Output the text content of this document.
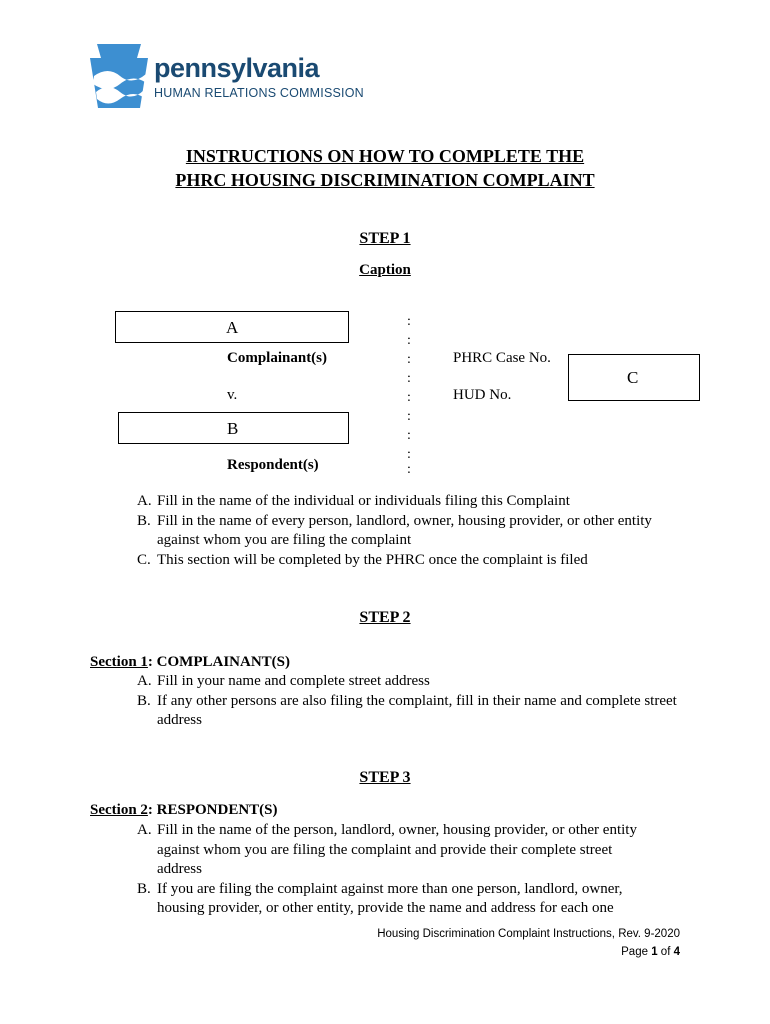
pennsylvania
HUMAN RELATIONS COMMISSION
INSTRUCTIONS ON HOW TO COMPLETE THE
PHRC HOUSING DISCRIMINATION COMPLAINT
STEP 1
Caption
A
Complainant(s)
v.
B
Respondent(s)
:
:
:
:
:
:
:
:
:
PHRC Case No.
HUD No.
C
A. Fill in the name of the individual or individuals filing this Complaint
B. Fill in the name of every person, landlord, owner, housing provider, or other entity against whom you are filing the complaint
C. This section will be completed by the PHRC once the complaint is filed
STEP 2
Section 1: COMPLAINANT(S)
A. Fill in your name and complete street address
B. If any other persons are also filing the complaint, fill in their name and complete street address
STEP 3
Section 2: RESPONDENT(S)
A. Fill in the name of the person, landlord, owner, housing provider, or other entity against whom you are filing the complaint and provide their complete street address
B. If you are filing the complaint against more than one person, landlord, owner, housing provider, or other entity, provide the name and address for each one
Housing Discrimination Complaint Instructions, Rev. 9-2020
Page 1 of 4
